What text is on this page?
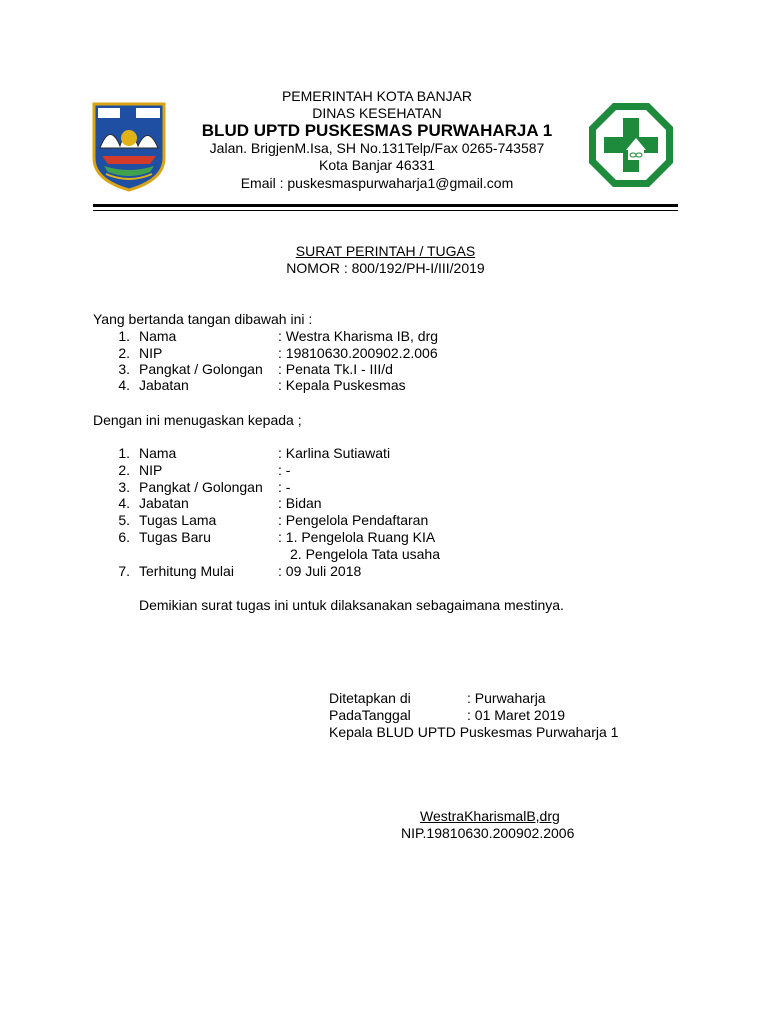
PEMERINTAH KOTA BANJAR
DINAS KESEHATAN
BLUD UPTD PUSKESMAS PURWAHARJA 1
Jalan. BrigjenM.Isa, SH No.131Telp/Fax 0265-743587
Kota Banjar 46331
Email : puskesmaspurwaharja1@gmail.com
SURAT PERINTAH / TUGAS
NOMOR : 800/192/PH-I/III/2019
Yang bertanda tangan dibawah ini :
1. Nama	: Westra Kharisma IB, drg
2. NIP	: 19810630.200902.2.006
3. Pangkat / Golongan : Penata Tk.I - III/d
4. Jabatan	: Kepala Puskesmas
Dengan ini menugaskan kepada ;
1. Nama	: Karlina Sutiawati
2. NIP	: -
3. Pangkat / Golongan : -
4. Jabatan	: Bidan
5. Tugas Lama	: Pengelola Pendaftaran
6. Tugas Baru	: 1. Pengelola Ruang KIA
2. Pengelola Tata usaha
7. Terhitung Mulai	: 09 Juli 2018
Demikian surat tugas ini untuk dilaksanakan sebagaimana mestinya.
Ditetapkan di	: Purwaharja
PadaTanggal	: 01 Maret 2019
Kepala BLUD UPTD Puskesmas Purwaharja 1
WestraKharismalB,drg
NIP.19810630.200902.2006
